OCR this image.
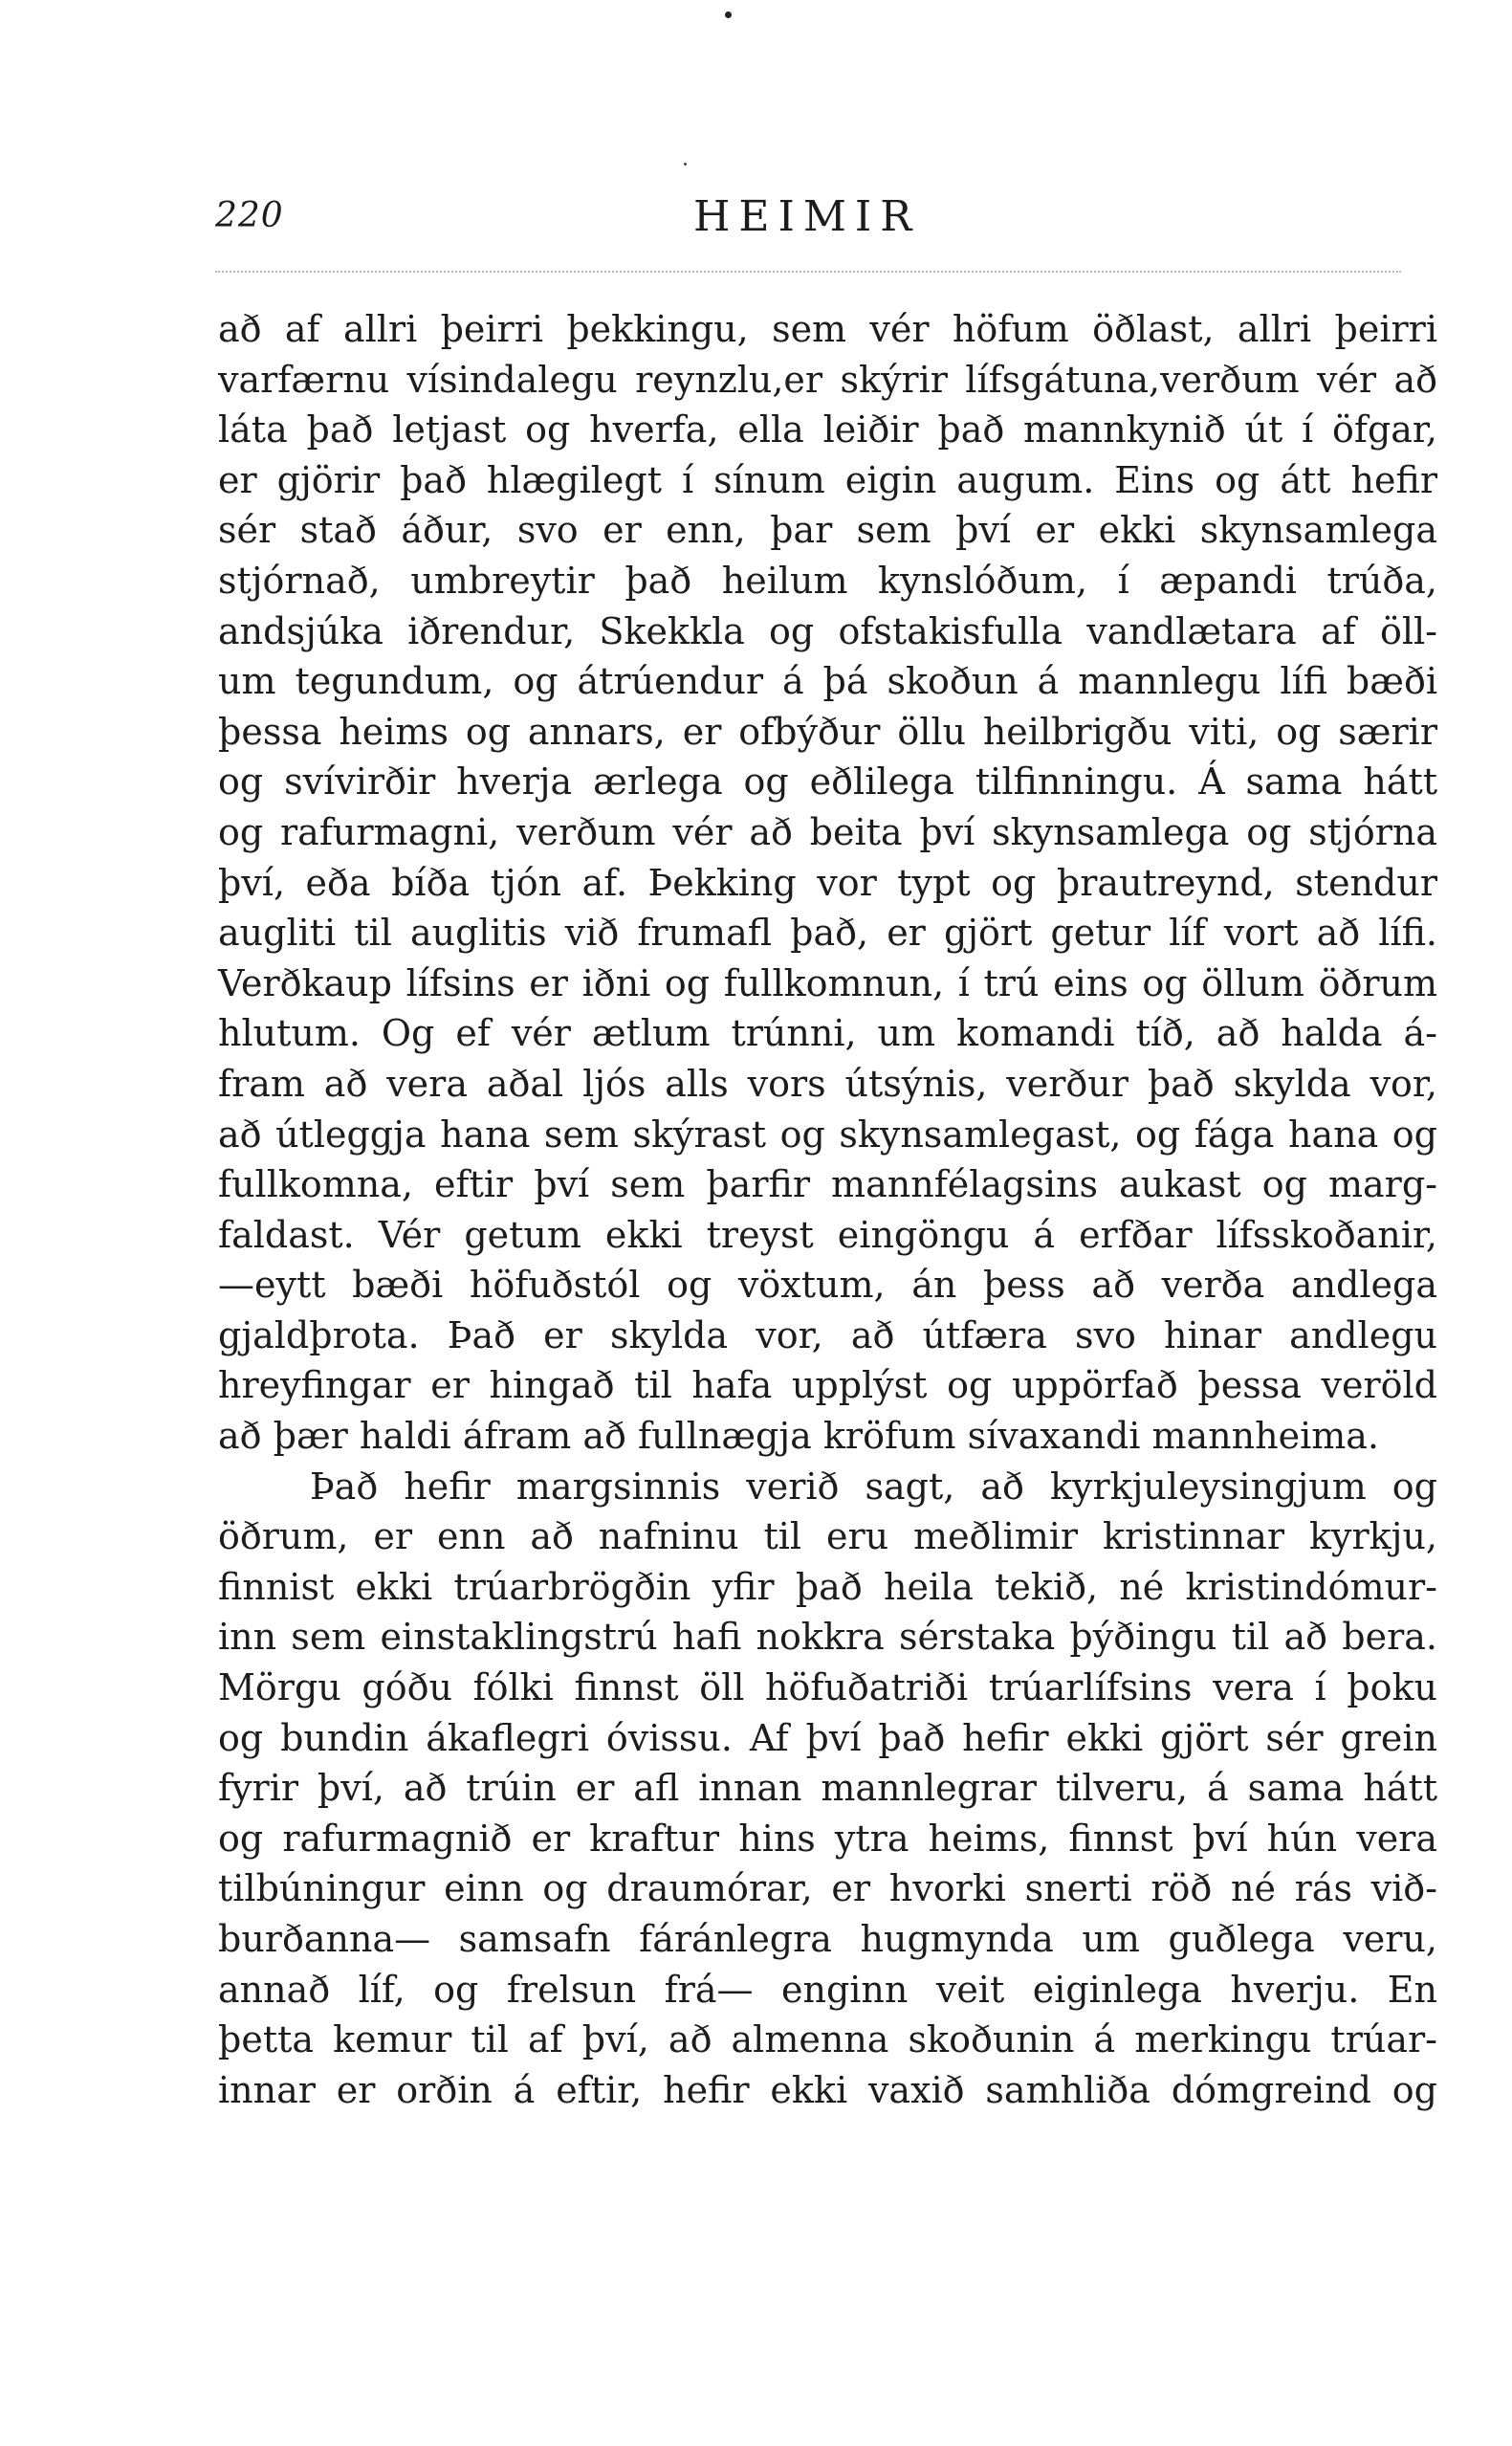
220	HEIMIR
að af allri þeirri þekkingu, sem vér höfum öðlast, allri þeirri
varfærnu vísindalegu reynzlu,er skýrir lífsgátuna,verðum vér að
láta það letjast og hverfa, ella leiðir það mannkynið út í öfgar,
er gjörir það hlægilegt í sínum eigin augum. Eins og átt hefir
sér stað áður, svo er enn, þar sem því er ekki skynsamlega
stjórnað, umbreytir það heilum kynslóðum, í æpandi trúða,
andsjúka iðrendur, Skekkla og ofstakisfulla vandlætara af öll-
um tegundum, og átrúendur á þá skoðun á mannlegu lífi bæði
þessa heims og annars, er ofbýður öllu heilbrigðu viti, og særir
og svívirðir hverja ærlega og eðlilega tilfinningu. Á sama hátt
og rafurmagni, verðum vér að beita því skynsamlega og stjórna
því, eða bíða tjón af. Þekking vor typt og þrautreynd, stendur
augliti til auglitis við frumafl það, er gjört getur líf vort að lífi.
Verðkaup lífsins er iðni og fullkomnun, í trú eins og öllum öðrum
hlutum. Og ef vér ætlum trúnni, um komandi tíð, að halda á-
fram að vera aðal ljós alls vors útsýnis, verður það skylda vor,
að útleggja hana sem skýrast og skynsamlegast, og fága hana og
fullkomna, eftir því sem þarfir mannfélagsins aukast og marg-
faldast. Vér getum ekki treyst eingöngu á erfðar lífsskoðanir,
—eytt bæði höfuðstól og vöxtum, án þess að verða andlega
gjaldþrota. Það er skylda vor, að útfæra svo hinar andlegu
hreyfingar er hingað til hafa upplýst og uppörfað þessa veröld
að þær haldi áfram að fullnægja kröfum sívaxandi mannheima.
Það hefir margsinnis verið sagt, að kyrkjuleysingjum og
öðrum, er enn að nafninu til eru meðlimir kristinnar kyrkju,
finnist ekki trúarbrögðin yfir það heila tekið, né kristindómur-
inn sem einstaklingstrú hafi nokkra sérstaka þýðingu til að bera.
Mörgu góðu fólki finnst öll höfuðatriði trúarlífsins vera í þoku
og bundin ákaflegri óvissu. Af því það hefir ekki gjört sér grein
fyrir því, að trúin er afl innan mannlegrar tilveru, á sama hátt
og rafurmagnið er kraftur hins ytra heims, finnst því hún vera
tilbúningur einn og draumórar, er hvorki snerti röð né rás við-
burðanna— samsafn fáránlegra hugmynda um guðlega veru,
annað líf, og frelsun frá— enginn veit eiginlega hverju. En
þetta kemur til af því, að almenna skoðunin á merkingu trúar-
innar er orðin á eftir, hefir ekki vaxið samhliða dómgreind og
